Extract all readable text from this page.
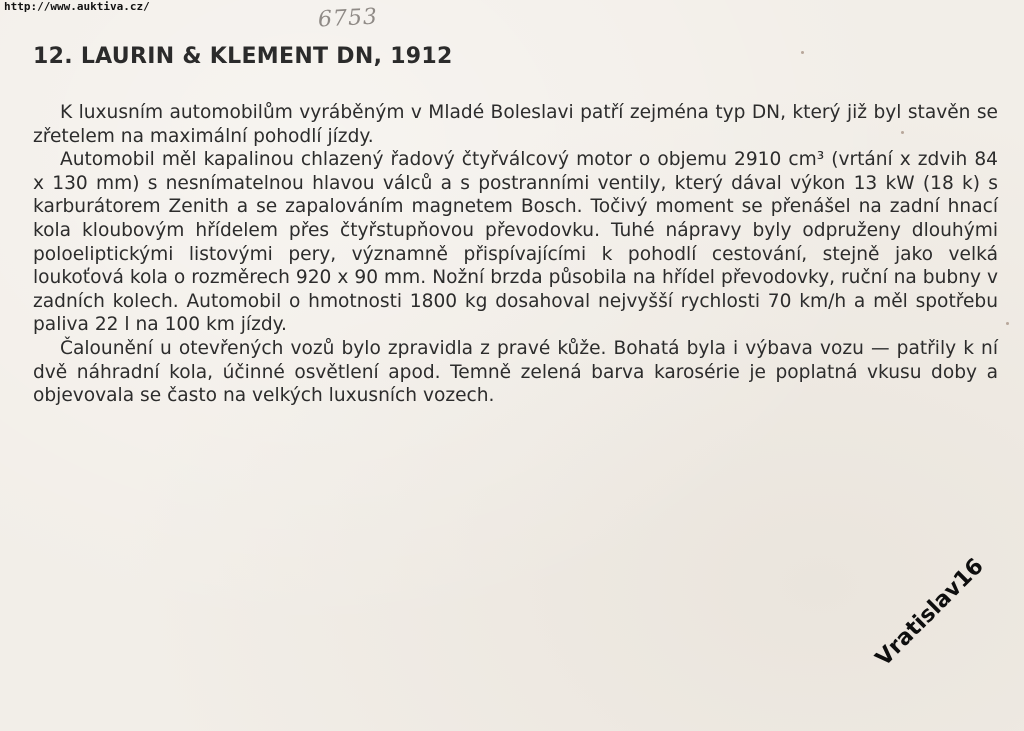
http://www.auktiva.cz/	6753
12. LAURIN & KLEMENT DN, 1912

K luxusním automobilům vyráběným v Mladé Boleslavi patří zejména typ DN, který již byl stavěn se zřetelem na maximální pohodlí jízdy.

Automobil měl kapalinou chlazený řadový čtyřválcový motor o objemu 2910 cm³ (vrtání x zdvih 84 x 130 mm) s nesnímatelnou hlavou válců a s postranními ventily, který dával výkon 13 kW (18 k) s karburátorem Zenith a se zapalováním magnetem Bosch. Točivý moment se přenášel na zadní hnací kola kloubovým hřídelem přes čtyřstupňovou převodovku. Tuhé nápravy byly odpruženy dlouhými poloeliptickými listovými pery, významně přispívajícími k pohodlí cestování, stejně jako velká loukoťová kola o rozměrech 920 x 90 mm. Nožní brzda působila na hřídel převodovky, ruční na bubny v zadních kolech. Automobil o hmotnosti 1800 kg dosahoval nejvyšší rychlosti 70 km/h a měl spotřebu paliva 22 l na 100 km jízdy.

Čalounění u otevřených vozů bylo zpravidla z pravé kůže. Bohatá byla i výbava vozu — patřily k ní dvě náhradní kola, účinné osvětlení apod. Temně zelená barva karosérie je poplatná vkusu doby a objevovala se často na velkých luxusních vozech.

Vratislav16
